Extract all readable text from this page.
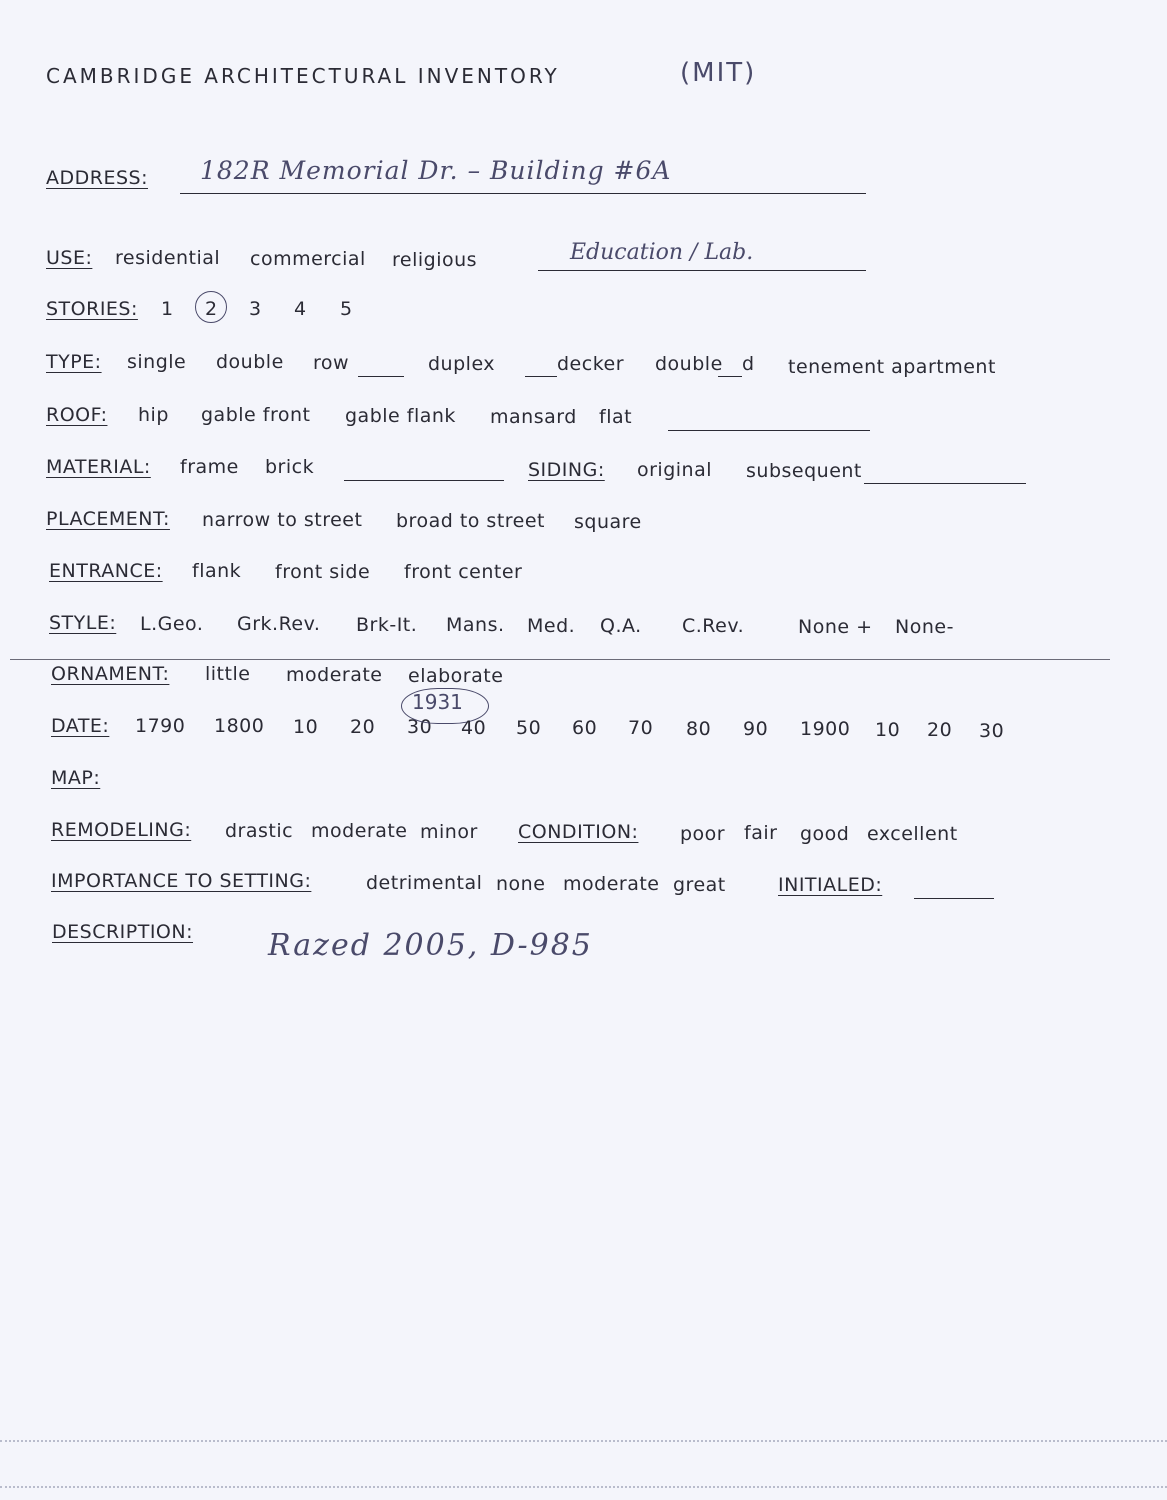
CAMBRIDGE ARCHITECTURAL INVENTORY	(MIT)
ADDRESS: 182R Memorial Dr. – Building #6A
USE: residential commercial religious	Education / Lab.
STORIES: 1 2 3 4 5
TYPE: single double row	duplex	decker double d tenement apartment
ROOF: hip gable front gable flank mansard flat
MATERIAL: frame brick	SIDING: original subsequent
PLACEMENT: narrow to street broad to street square
ENTRANCE: flank front side front center
STYLE: L.Geo. Grk.Rev. Brk-It. Mans. Med. Q.A. C.Rev.	None + None-
ORNAMENT: little moderate elaborate
DATE: 1790 1800 10 20 30
1931
40 50 60 70 80 90 1900 10 20 30
MAP:
REMODELING: drastic moderate minor CONDITION: poor fair good excellent
IMPORTANCE TO SETTING:	detrimental none moderate great	INITIALED:
DESCRIPTION: Razed 2005, D-985
